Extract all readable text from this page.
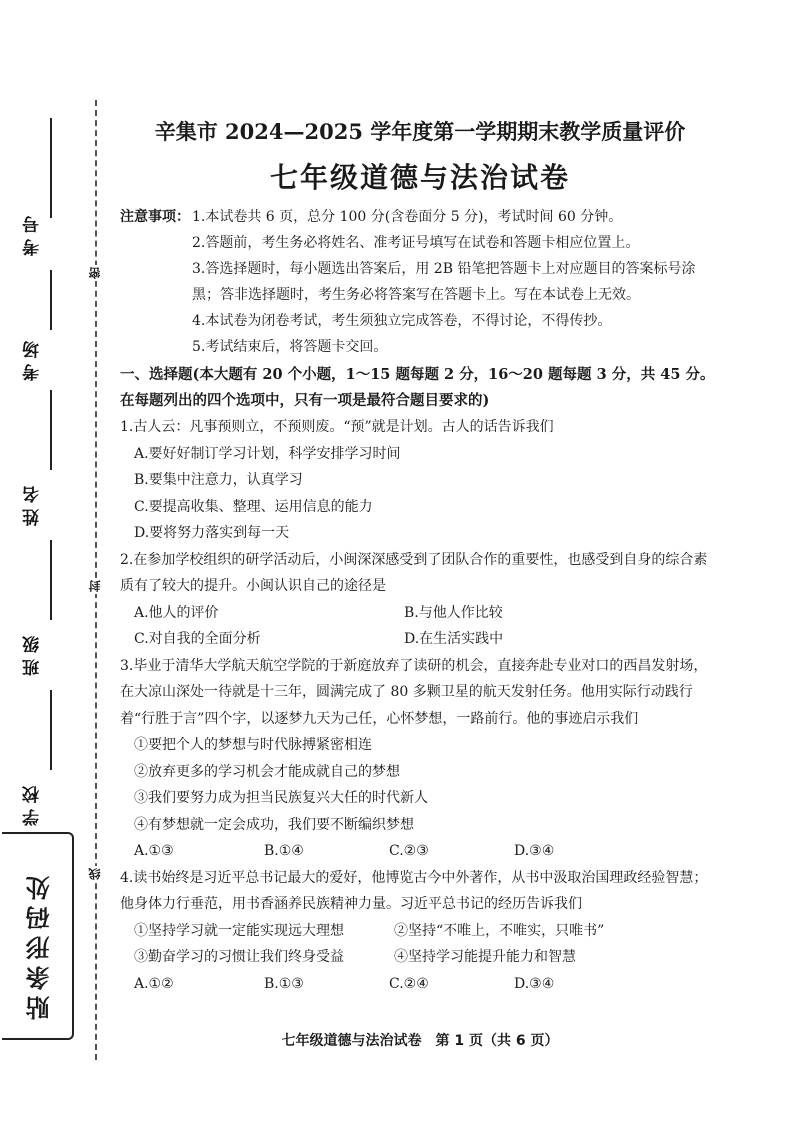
考号
考场
姓名
班级
学校
密
封
线
贴条形码处
辛集市 2024—2025 学年度第一学期期末教学质量评价
七年级道德与法治试卷
注意事项： 1.本试卷共 6 页，总分 100 分(含卷面分 5 分)，考试时间 60 分钟。
2.答题前，考生务必将姓名、准考证号填写在试卷和答题卡相应位置上。
3.答选择题时，每小题选出答案后，用 2B 铅笔把答题卡上对应题目的答案标号涂黑；答非选择题时，考生务必将答案写在答题卡上。写在本试卷上无效。
4.本试卷为闭卷考试，考生须独立完成答卷，不得讨论，不得传抄。
5.考试结束后，将答题卡交回。
一、选择题(本大题有 20 个小题，1～15 题每题 2 分，16～20 题每题 3 分，共 45 分。在每题列出的四个选项中，只有一项是最符合题目要求的)
1.古人云：凡事预则立，不预则废。“预”就是计划。古人的话告诉我们
A.要好好制订学习计划，科学安排学习时间
B.要集中注意力，认真学习
C.要提高收集、整理、运用信息的能力
D.要将努力落实到每一天
2.在参加学校组织的研学活动后，小闽深深感受到了团队合作的重要性，也感受到自身的综合素质有了较大的提升。小闽认识自己的途径是
A.他人的评价	B.与他人作比较
C.对自我的全面分析	D.在生活实践中
3.毕业于清华大学航天航空学院的于新庭放弃了读研的机会，直接奔赴专业对口的西昌发射场，在大凉山深处一待就是十三年，圆满完成了 80 多颗卫星的航天发射任务。他用实际行动践行着“行胜于言”四个字，以逐梦九天为己任，心怀梦想，一路前行。他的事迹启示我们
①要把个人的梦想与时代脉搏紧密相连
②放弃更多的学习机会才能成就自己的梦想
③我们要努力成为担当民族复兴大任的时代新人
④有梦想就一定会成功，我们要不断编织梦想
A.①③	B.①④	C.②③	D.③④
4.读书始终是习近平总书记最大的爱好，他博览古今中外著作，从书中汲取治国理政经验智慧；他身体力行垂范，用书香涵养民族精神力量。习近平总书记的经历告诉我们
①坚持学习就一定能实现远大理想	②坚持“不唯上，不唯实，只唯书”
③勤奋学习的习惯让我们终身受益	④坚持学习能提升能力和智慧
A.①②	B.①③	C.②④	D.③④
七年级道德与法治试卷　第 1 页（共 6 页）
